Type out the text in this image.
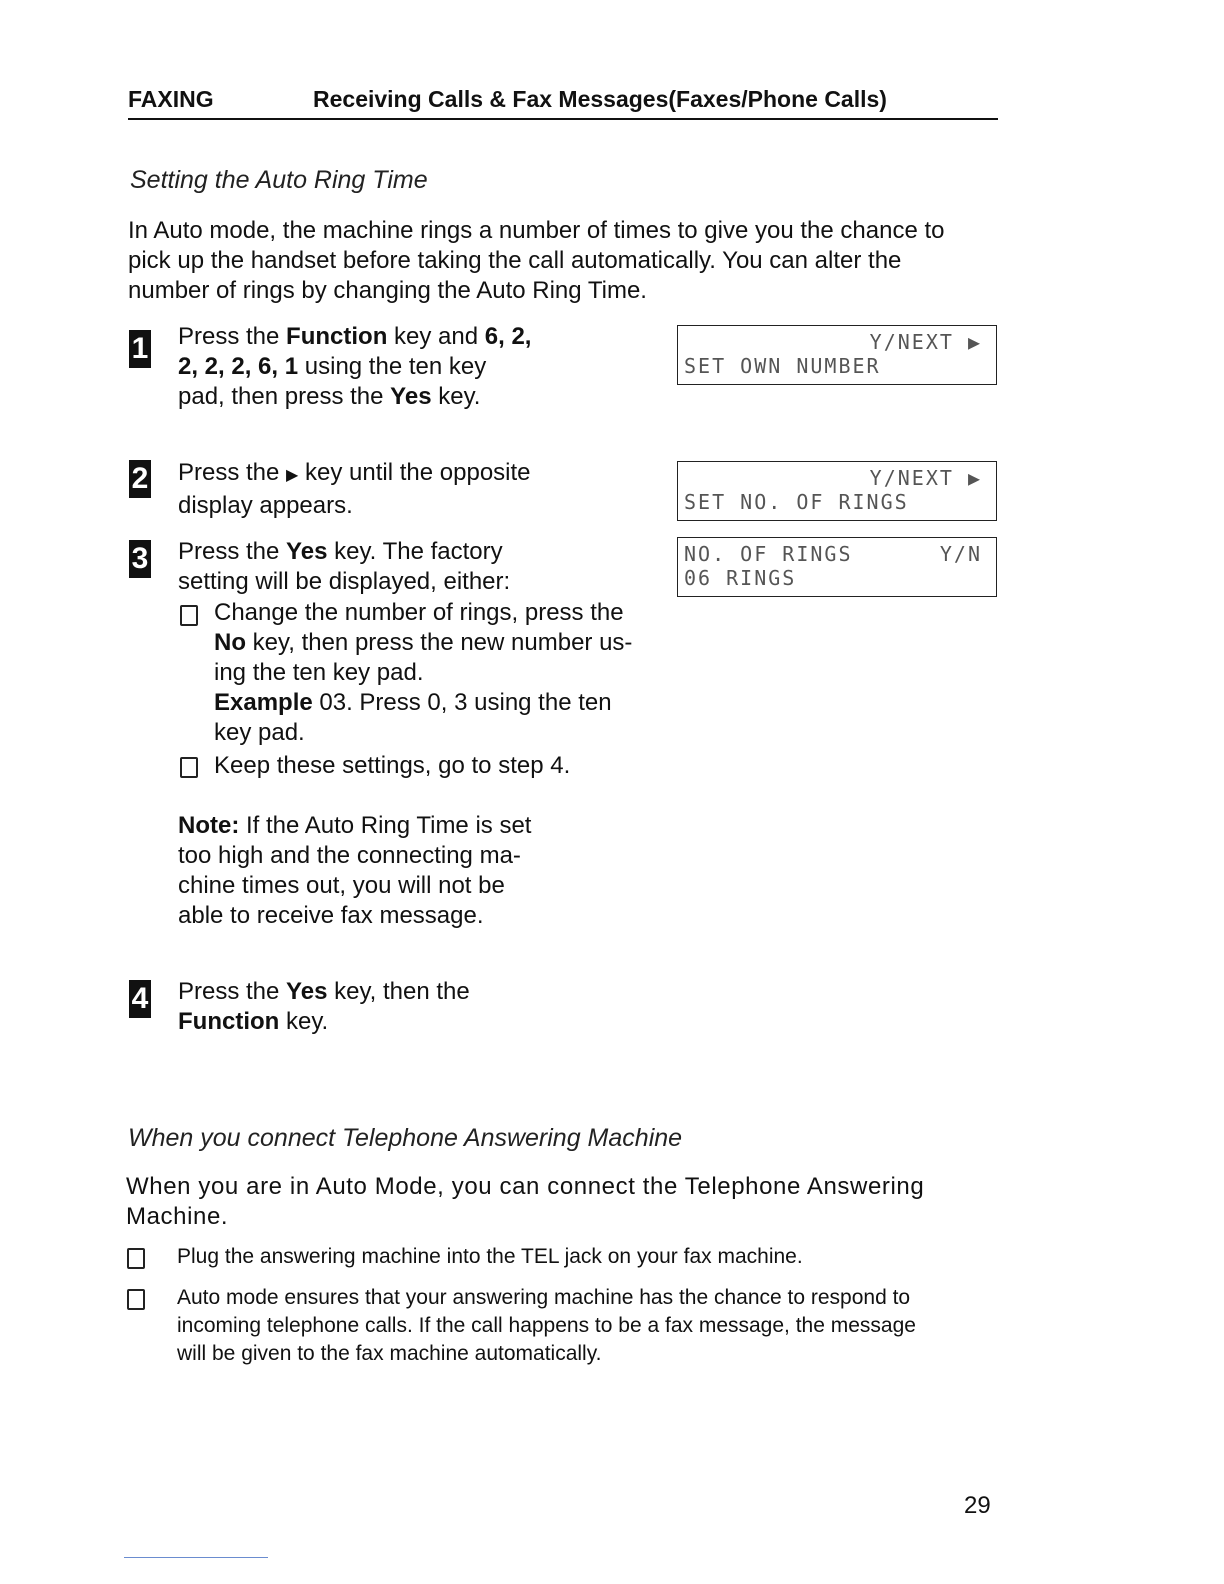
FAXING	Receiving Calls & Fax Messages(Faxes/Phone Calls)
Setting the Auto Ring Time
In Auto mode, the machine rings a number of times to give you the chance to
pick up the handset before taking the call automatically. You can alter the
number of rings by changing the Auto Ring Time.
1 Press the Function key and 6, 2,
2, 2, 2, 6, 1 using the ten key
pad, then press the Yes key.
2 Press the ▶ key until the opposite
display appears.
3 Press the Yes key. The factory
setting will be displayed, either:
Change the number of rings, press the
No key, then press the new number us-
ing the ten key pad.
Example 03. Press 0, 3 using the ten
key pad.
Keep these settings, go to step 4.
Note: If the Auto Ring Time is set
too high and the connecting ma-
chine times out, you will not be
able to receive fax message.
4 Press the Yes key, then the
Function key.
Y/NEXT ▶
SET OWN NUMBER
Y/NEXT ▶
SET NO. OF RINGS
NO. OF RINGS	Y/N
06 RINGS
When you connect Telephone Answering Machine
When you are in Auto Mode, you can connect the Telephone Answering
Machine.
Plug the answering machine into the TEL jack on your fax machine.
Auto mode ensures that your answering machine has the chance to respond to
incoming telephone calls. If the call happens to be a fax message, the message
will be given to the fax machine automatically.
29
